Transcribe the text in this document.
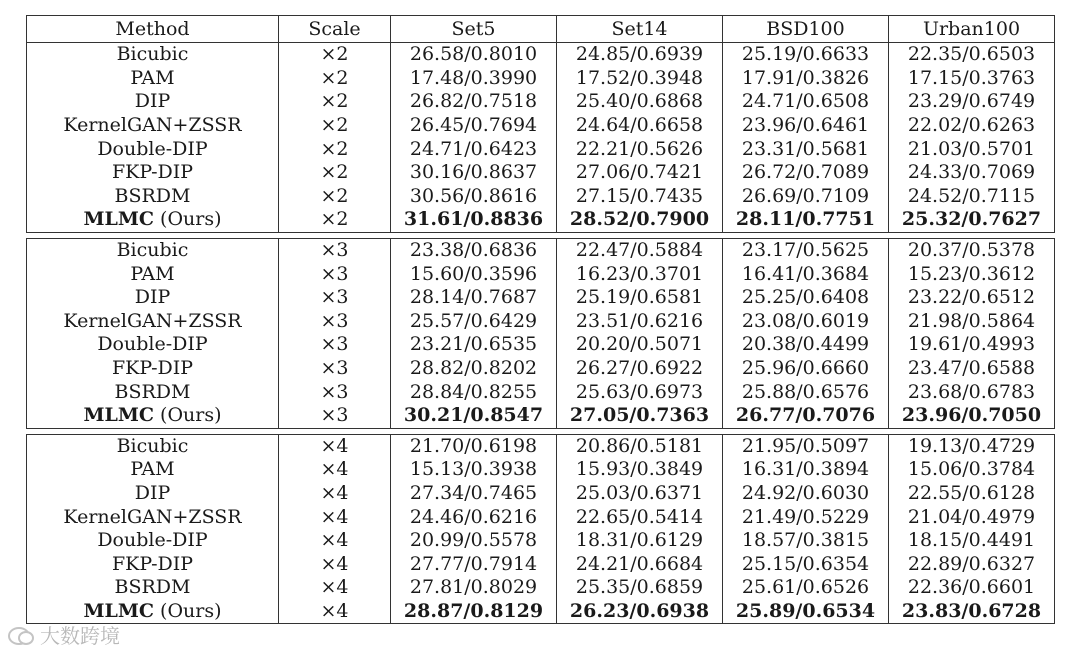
Method	Scale	Set5	Set14	BSD100	Urban100
Bicubic	×2	26.58/0.8010	24.85/0.6939	25.19/0.6633	22.35/0.6503
PAM	×2	17.48/0.3990	17.52/0.3948	17.91/0.3826	17.15/0.3763
DIP	×2	26.82/0.7518	25.40/0.6868	24.71/0.6508	23.29/0.6749
KernelGAN+ZSSR	×2	26.45/0.7694	24.64/0.6658	23.96/0.6461	22.02/0.6263
Double-DIP	×2	24.71/0.6423	22.21/0.5626	23.31/0.5681	21.03/0.5701
FKP-DIP	×2	30.16/0.8637	27.06/0.7421	26.72/0.7089	24.33/0.7069
BSRDM	×2	30.56/0.8616	27.15/0.7435	26.69/0.7109	24.52/0.7115
MLMC (Ours)	×2	31.61/0.8836	28.52/0.7900	28.11/0.7751	25.32/0.7627

Bicubic	×3	23.38/0.6836	22.47/0.5884	23.17/0.5625	20.37/0.5378
PAM	×3	15.60/0.3596	16.23/0.3701	16.41/0.3684	15.23/0.3612
DIP	×3	28.14/0.7687	25.19/0.6581	25.25/0.6408	23.22/0.6512
KernelGAN+ZSSR	×3	25.57/0.6429	23.51/0.6216	23.08/0.6019	21.98/0.5864
Double-DIP	×3	23.21/0.6535	20.20/0.5071	20.38/0.4499	19.61/0.4993
FKP-DIP	×3	28.82/0.8202	26.27/0.6922	25.96/0.6660	23.47/0.6588
BSRDM	×3	28.84/0.8255	25.63/0.6973	25.88/0.6576	23.68/0.6783
MLMC (Ours)	×3	30.21/0.8547	27.05/0.7363	26.77/0.7076	23.96/0.7050

Bicubic	×4	21.70/0.6198	20.86/0.5181	21.95/0.5097	19.13/0.4729
PAM	×4	15.13/0.3938	15.93/0.3849	16.31/0.3894	15.06/0.3784
DIP	×4	27.34/0.7465	25.03/0.6371	24.92/0.6030	22.55/0.6128
KernelGAN+ZSSR	×4	24.46/0.6216	22.65/0.5414	21.49/0.5229	21.04/0.4979
Double-DIP	×4	20.99/0.5578	18.31/0.6129	18.57/0.3815	18.15/0.4491
FKP-DIP	×4	27.77/0.7914	24.21/0.6684	25.15/0.6354	22.89/0.6327
BSRDM	×4	27.81/0.8029	25.35/0.6859	25.61/0.6526	22.36/0.6601
MLMC (Ours)	×4	28.87/0.8129	26.23/0.6938	25.89/0.6534	23.83/0.6728
大数跨境
